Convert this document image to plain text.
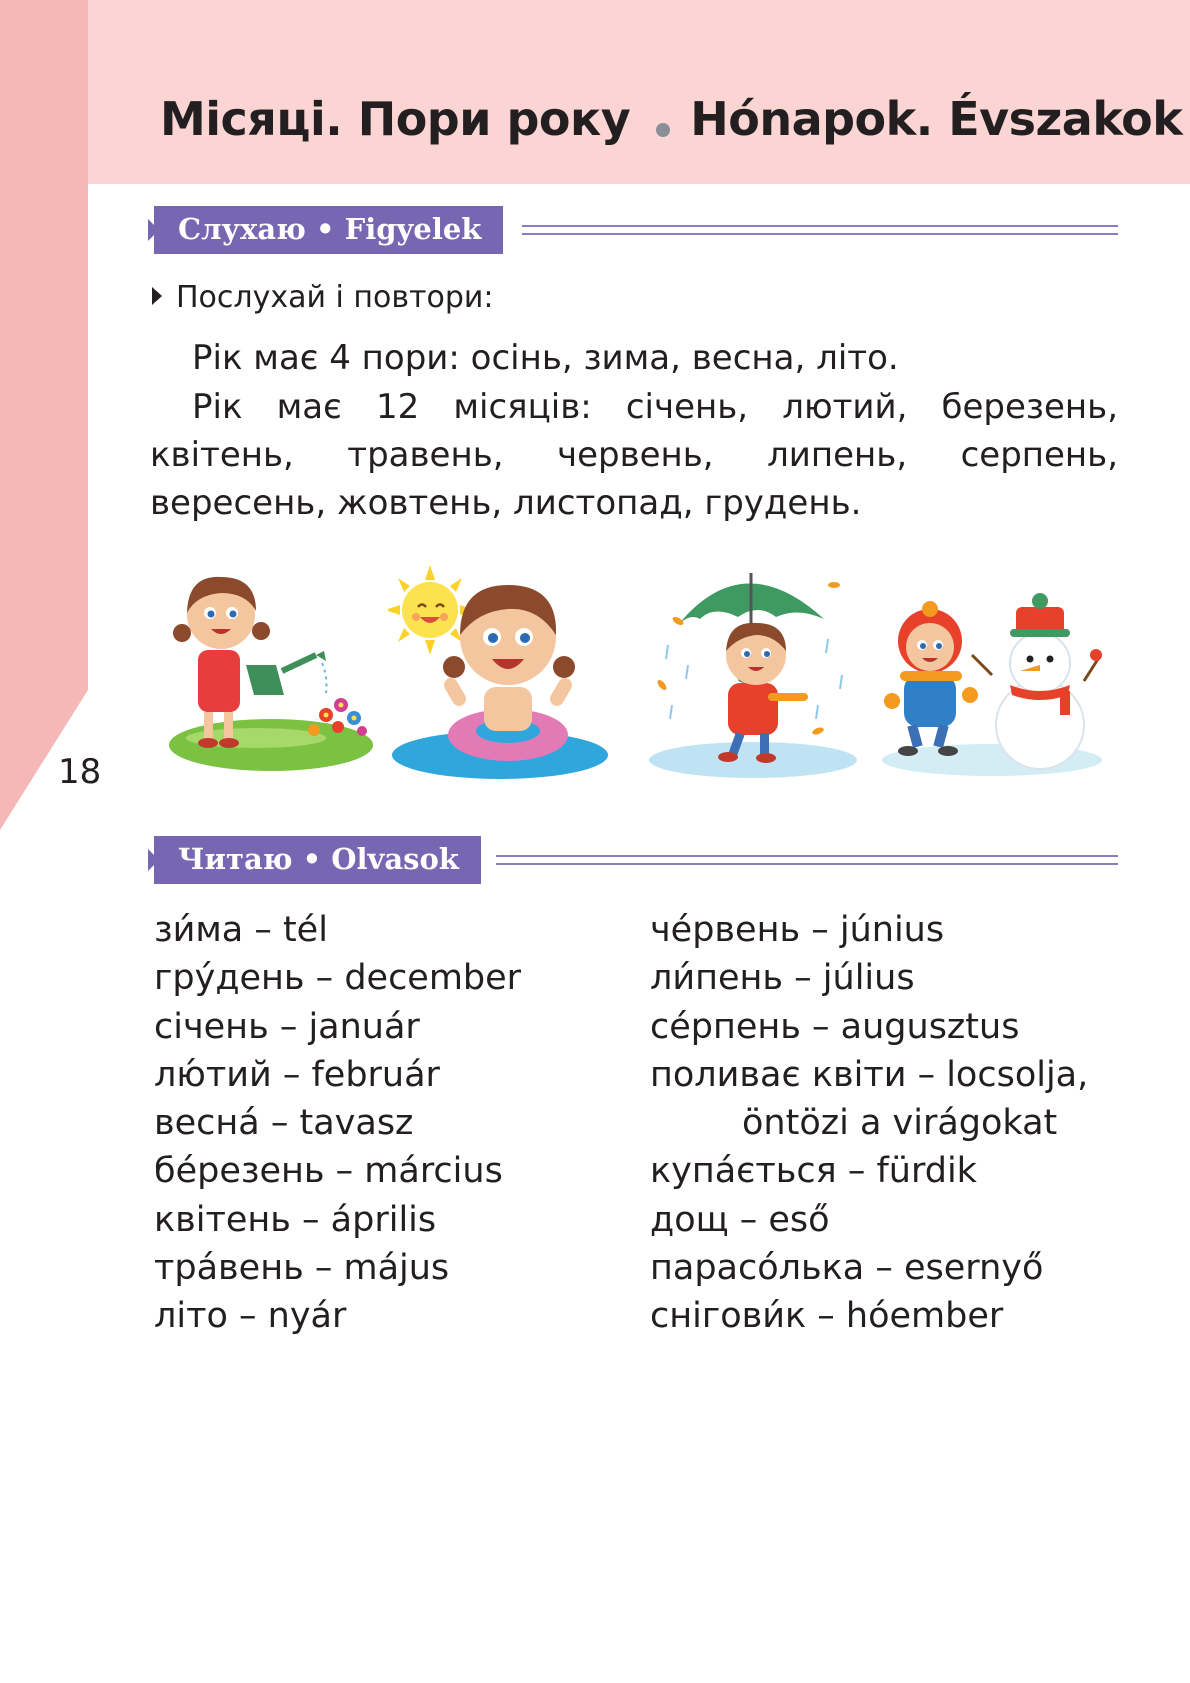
Місяці. Пори року Hónapok. Évszakok
Слухаю • Figyelek
Послухай і повтори:

Рік має 4 пори: осінь, зима, весна, літо.

Рік має 12 місяців: січень, лютий, березень, квітень, травень, червень, липень, серпень, вересень, жовтень, листопад, грудень.

18
Читаю • Olvasok
зи́ма – tél
гру́день – december
січень – január
лю́тий – február
весна́ – tavasz
бе́резень – március
квітень – április
тра́вень – május
літо – nyár
че́рвень – június
ли́пень – július
се́рпень – augusztus
поливає квіти – locsolja,
öntözi a virágokat
купа́ється – fürdik
дощ – eső
парасо́лька – esernyő
снігови́к – hóember
